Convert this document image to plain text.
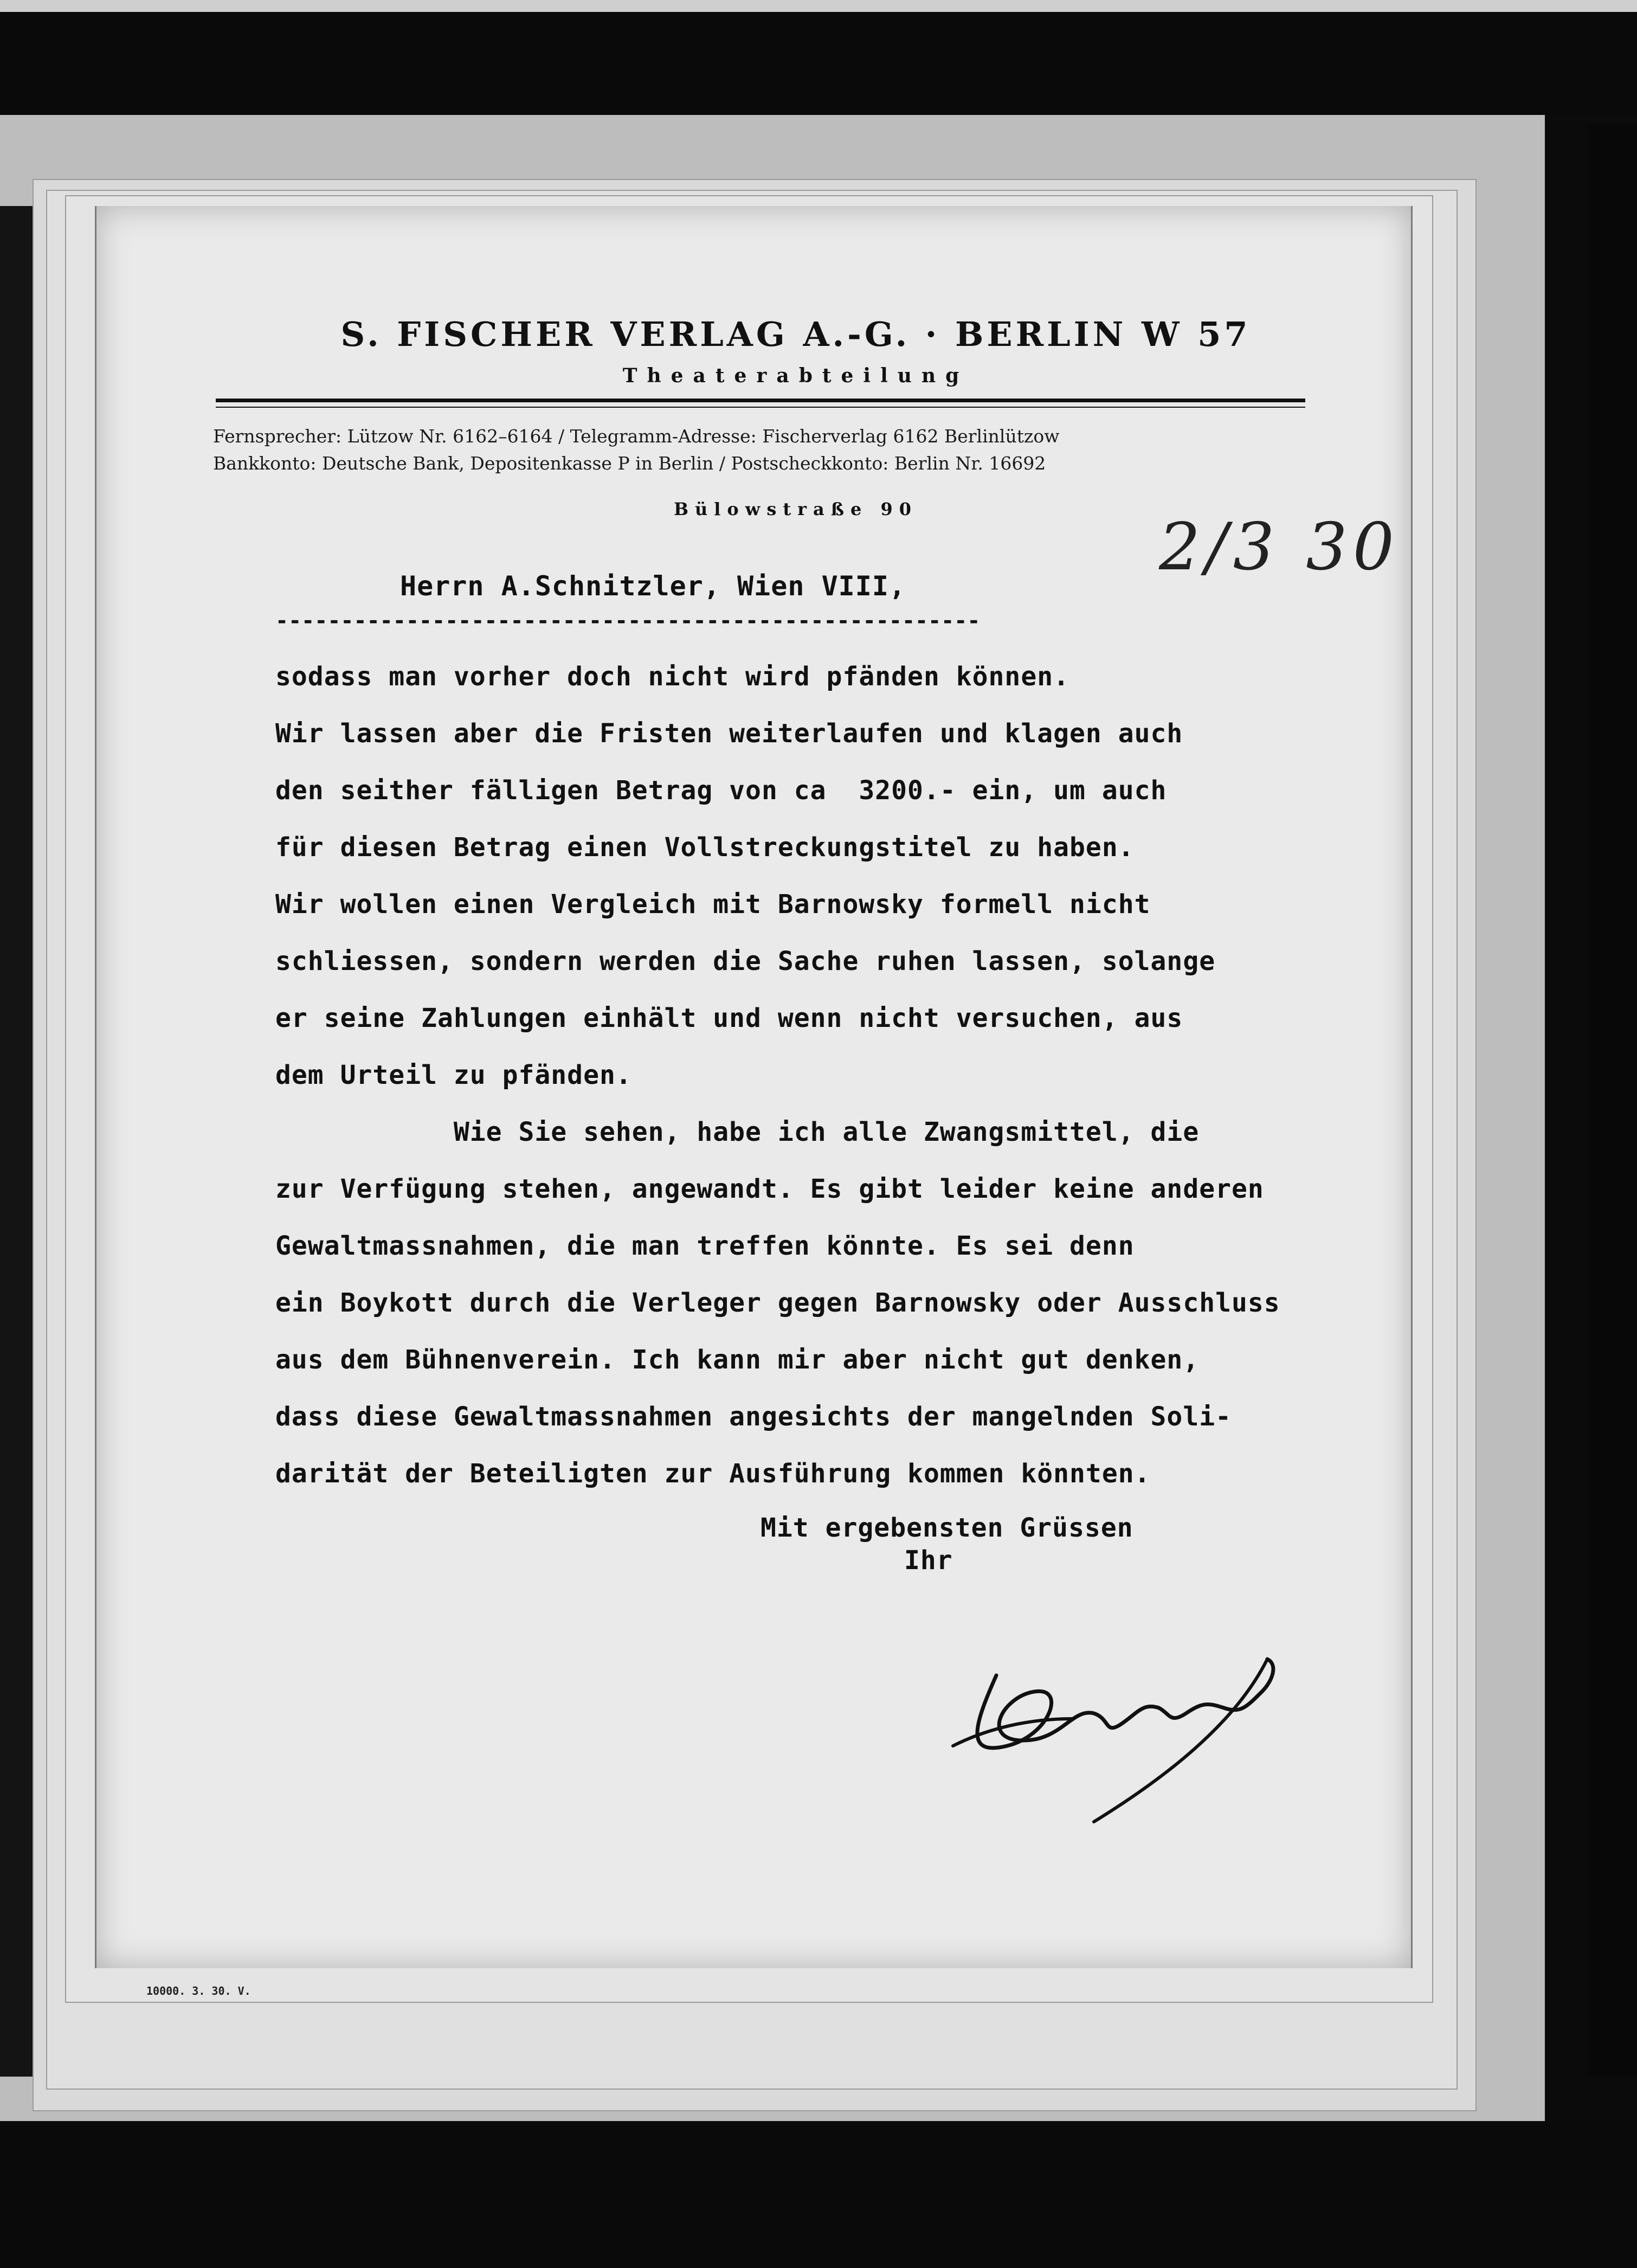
S. FISCHER VERLAG A.-G. · BERLIN W 57
Theaterabteilung
Fernsprecher: Lützow Nr. 6162–6164 / Telegramm-Adresse: Fischerverlag 6162 Berlinlützow
Bankkonto: Deutsche Bank, Depositenkasse P in Berlin / Postscheckkonto: Berlin Nr. 16692
Bülowstraße 90
2/3 30
Herrn A.Schnitzler, Wien VIII,
------------------------------------------------------
sodass man vorher doch nicht wird pfänden können.
Wir lassen aber die Fristen weiterlaufen und klagen auch
den seither fälligen Betrag von ca  3200.- ein, um auch
für diesen Betrag einen Vollstreckungstitel zu haben.
Wir wollen einen Vergleich mit Barnowsky formell nicht
schliessen, sondern werden die Sache ruhen lassen, solange
er seine Zahlungen einhält und wenn nicht versuchen, aus
dem Urteil zu pfänden.
Wie Sie sehen, habe ich alle Zwangsmittel, die
zur Verfügung stehen, angewandt. Es gibt leider keine anderen
Gewaltmassnahmen, die man treffen könnte. Es sei denn
ein Boykott durch die Verleger gegen Barnowsky oder Ausschluss
aus dem Bühnenverein. Ich kann mir aber nicht gut denken,
dass diese Gewaltmassnahmen angesichts der mangelnden Soli-
darität der Beteiligten zur Ausführung kommen könnten.
Mit ergebensten Grüssen
Ihr
10000. 3. 30. V.
